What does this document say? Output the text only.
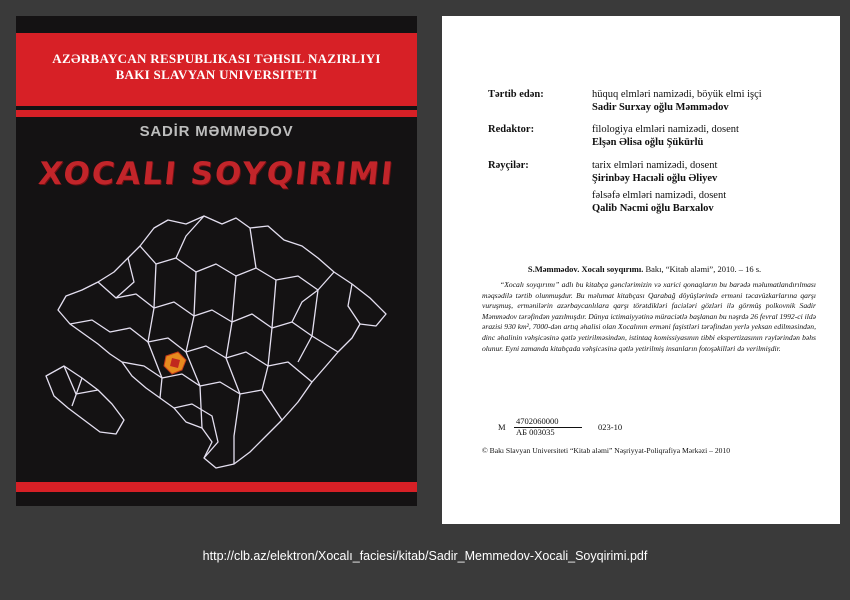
AZƏRBAYCAN RESPUBLIKASI TƏHSIL NAZIRLIYI
BAKI SLAVYAN UNIVERSITETI
SADİR MƏMMƏDOV
XOCALI SOYQIRIMI
Tərtib edən:	hüquq elmləri namizədi, böyük elmi işçi
Sadir Surxay oğlu Məmmədov
Redaktor:	filologiya elmləri namizədi, dosent
Elşən Əlisa oğlu Şükürlü
Rəyçilər:	tarix elmləri namizədi, dosent
Şirinbəy Hacıəli oğlu Əliyev
fəlsəfə elmləri namizədi, dosent
Qalib Nəcmi oğlu Barxalov
S.Məmmədov. Xocalı soyqırımı. Bakı, “Kitab aləmi”, 2010. – 16 s.
“Xocalı soyqırımı” adlı bu kitabça gənclərimizin və xarici qonaqların bu barədə məlumatlandırılması məqsədilə tərtib olunmuşdur. Bu məlumat kitabçası Qarabağ döyüşlərində erməni təcavüzkarlarına qarşı vuruşmuş, ermənilərin azərbaycanlılara qarşı törətdikləri faciələri gözləri ilə görmüş polkovnik Sadir Məmmədov tərəfindən yazılmışdır. Dünya ictimaiyyətinə müraciətlə başlanan bu nəşrdə 26 fevral 1992-ci ildə ərazisi 930 km², 7000-dən artıq əhalisi olan Xocalının erməni faşistləri tərəfindən yerlə yeksan edilməsindən, dinc əhalinin vəhşicəsinə qətlə yetirilməsindən, istintaq komissiyasının tibbi ekspertizasının rəylərindən bəhs olunur. Eyni zamanda kitabçada vəhşicəsinə qətlə yetirilmiş insanların fotoşəkilləri də verilmişdir.
M
4702060000
АБ 003035	023-10
© Bakı Slavyan Universiteti “Kitab aləmi” Nəşriyyat-Poliqrafiya Mərkəzi – 2010
http://clb.az/elektron/Xocalı_faciesi/kitab/Sadir_Memmedov-Xocali_Soyqirimi.pdf
